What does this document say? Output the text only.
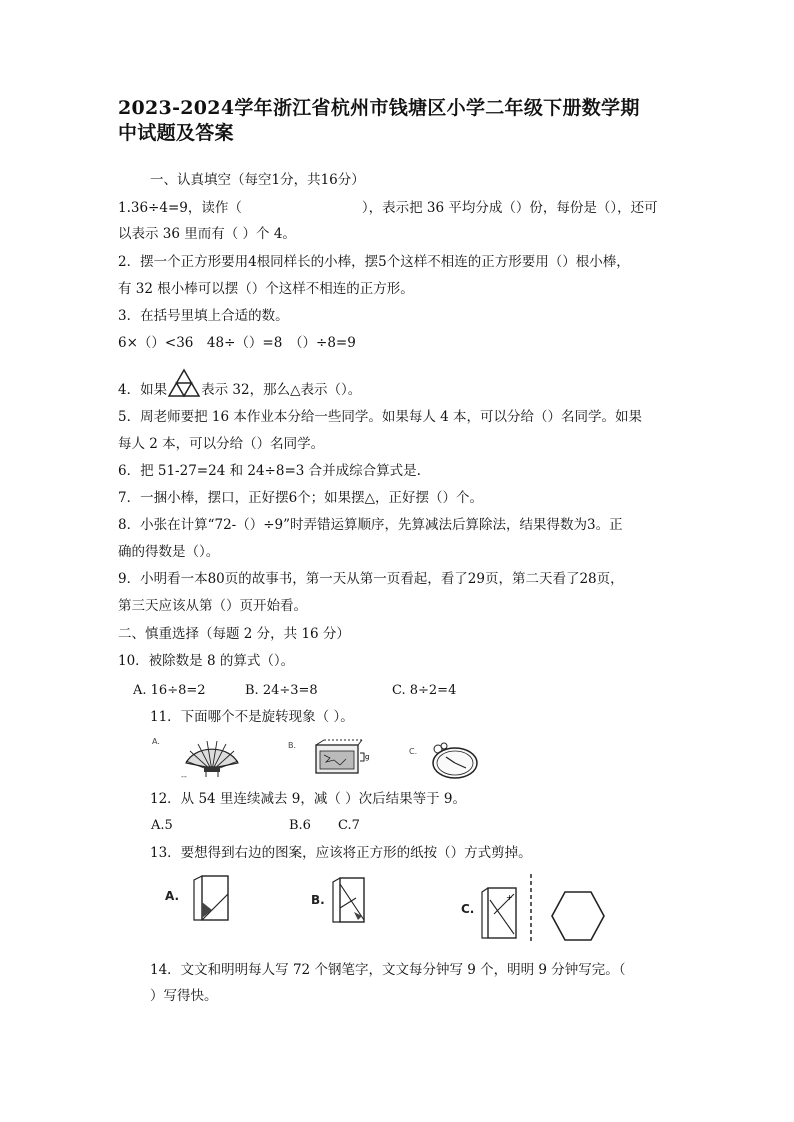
2023-2024学年浙江省杭州市钱塘区小学二年级下册数学期
中试题及答案
一、认真填空（每空1分，共16分）
1.36÷4=9，读作（	），表示把 36 平均分成（）份，每份是（），还可
以表示 36 里而有（ ）个 4。
2．摆一个正方形要用4根同样长的小棒，摆5个这样不相连的正方形要用（）根小棒，
有 32 根小棒可以摆（）个这样不相连的正方形。
3．在括号里填上合适的数。
6×（）<36　48÷（）=8　（）÷8=9
4．如果	表示 32，那么△表示（）。
5．周老师要把 16 本作业本分给一些同学。如果每人 4 本，可以分给（）名同学。如果
每人 2 本，可以分给（）名同学。
6．把 51-27=24 和 24÷8=3 合并成综合算式是.
7．一捆小棒，摆口，正好摆6个；如果摆△，正好摆（）个。
8．小张在计算“72-（）÷9”时弄错运算顺序，先算减法后算除法，结果得数为3。正
确的得数是（）。
9．小明看一本80页的故事书，第一天从第一页看起，看了29页，第二天看了28页，
第三天应该从第（）页开始看。
二、慎重选择（每题 2 分，共 16 分）
10．被除数是 8 的算式（）。
A. 16÷8=2	B. 24÷3=8	C. 8÷2=4
11．下面哪个不是旋转现象（ ）。
A.
--
B.
g
C.
12．从 54 里连续减去 9，减（ ）次后结果等于 9。
A.5	B.6 C.7
13．要想得到右边的图案，应该将正方形的纸按（）方式剪掉。
A.	B.
C.
+
14．文文和明明每人写 72 个钢笔字，文文每分钟写 9 个，明明 9 分钟写完。（
）写得快。
